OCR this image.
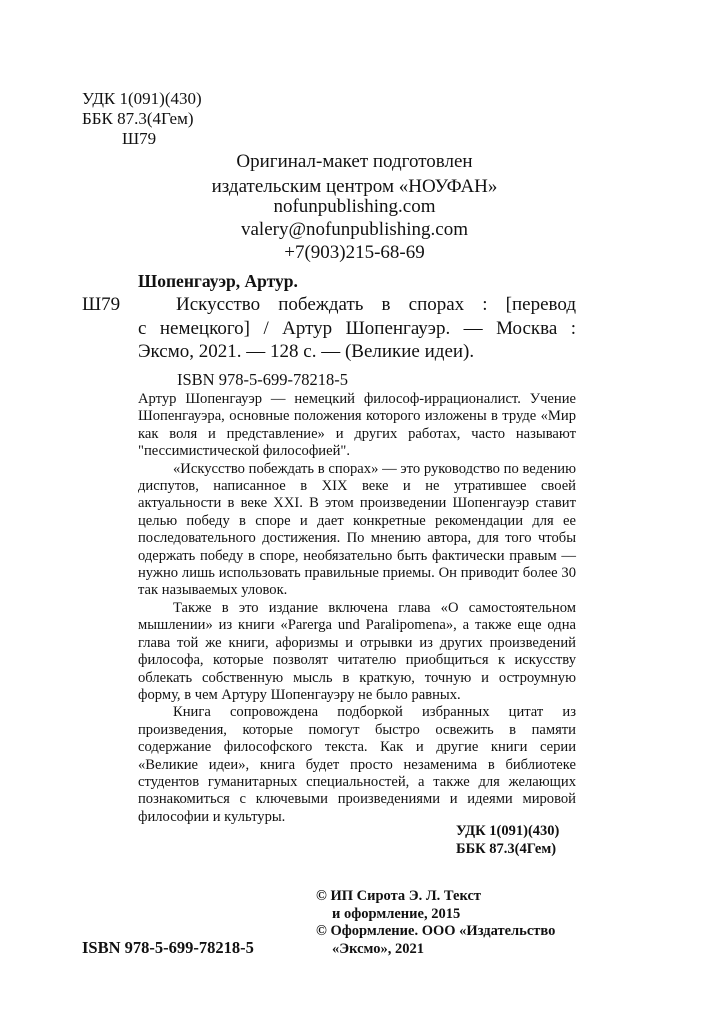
УДК 1(091)(430)
ББК 87.3(4Гем)
Ш79
Оригинал-макет подготовлен
издательским центром «НОУФАН»
nofunpublishing.com
valery@nofunpublishing.com
+7(903)215-68-69
Шопенгауэр, Артур.
Ш79	Искусство побеждать в спорах : [перевод
с немецкого] / Артур Шопенгауэр. — Москва :
Эксмо, 2021. — 128 с. — (Великие идеи).
ISBN 978-5-699-78218-5

Артур Шопенгауэр — немецкий философ-иррационалист. Учение Шопенгауэра, основные положения которого изложены в труде «Мир как воля и представление» и других работах, часто называют "пессимистической философией".

«Искусство побеждать в спорах» — это руководство по ведению диспутов, написанное в XIX веке и не утратившее своей актуальности в веке XXI. В этом произведении Шопенгауэр ставит целью победу в споре и дает конкретные рекомендации для ее последовательного достижения. По мнению автора, для того чтобы одержать победу в споре, необязательно быть фактически правым — нужно лишь использовать правильные приемы. Он приводит более 30 так называемых уловок.

Также в это издание включена глава «О самостоятельном мышлении» из книги «Parerga und Paralipomena», а также еще одна глава той же книги, афоризмы и отрывки из других произведений философа, которые позволят читателю приобщиться к искусству облекать собственную мысль в краткую, точную и остроумную форму, в чем Артуру Шопенгауэру не было равных.

Книга сопровождена подборкой избранных цитат из произведения, которые помогут быстро освежить в памяти содержание философского текста. Как и другие книги серии «Великие идеи», книга будет просто незаменима в библиотеке студентов гуманитарных специальностей, а также для желающих познакомиться с ключевыми произведениями и идеями мировой философии и культуры.

УДК 1(091)(430)
ББК 87.3(4Гем)
ISBN 978-5-699-78218-5
© ИП Сирота Э. Л. Текст
и оформление, 2015
© Оформление. ООО «Издательство
«Эксмо», 2021
